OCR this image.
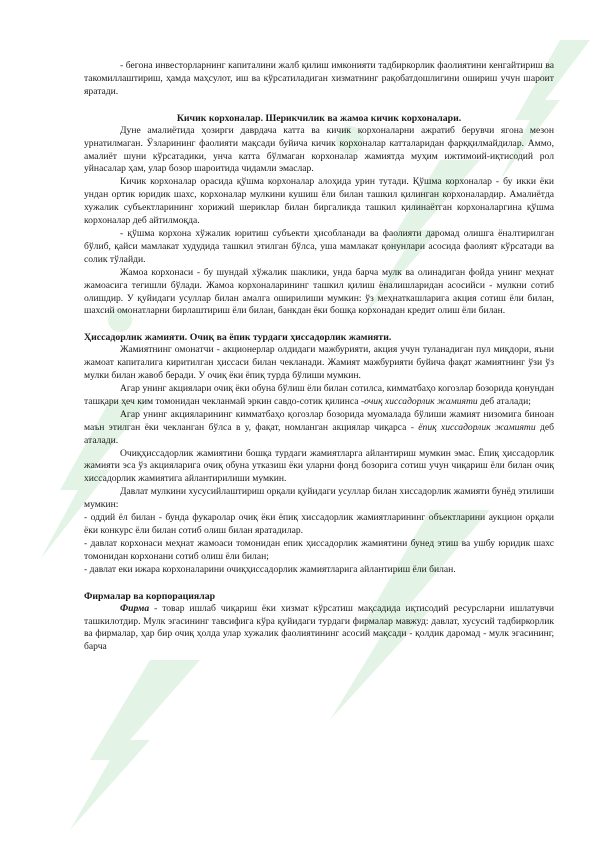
- бегона инвесторларнинг капиталини жалб қилиш имконияти тадбиркорлик фаолиятини кенгайтириш ва такомиллаштириш, ҳамда маҳсулот, иш ва кўрсатиладиган хизматнинг рақобатдошлигини ошириш учун шароит яратади.

Кичик корхоналар. Шерикчилик ва жамоа кичик корхоналари.

Дуне амалиётида ҳозирги даврдача катта ва кичик корхоналарни ажратиб берувчи ягона мезон урнатилмаган. Ўзларининг фаолияти мақсади буйича кичик корхоналар катталаридан фарққилмайдилар. Аммо, амалиёт шуни кўрсатадики, унча катта бўлмаган корхоналар жамиятда муҳим ижтимоий-иқтисодий рол уйнасалар ҳам, улар бозор шароитида чидамли эмаслар.

Кичик корхоналар орасида қўшма корхоналар алоҳида урин тутади. Қўшма корхоналар - бу икки ёки ундан ортик юридик шахс, корхоналар мулкини кушиш ёли билан ташкил қилинган корхоналардир. Амалиётда хужалик субъектларининг хорижий шериклар билан биргаликда ташкил қилинаётган корхоналаргина қўшма корхоналар деб айтилмоқда.

- қўшма корхона хўжалик юритиш субъекти ҳисобланади ва фаолияти даромад олишга ёналтирилган бўлиб, қайси мамлакат худудида ташкил этилган бўлса, уша мамлакат қонунлари асосида фаолият кўрсатади ва солик тўлайди.

Жамоа корхонаси - бу шундай хўжалик шаклики, унда барча мулк ва олинадиган фойда унинг меҳнат жамоасига тегишли бўлади. Жамоа корхоналарининг ташкил қилиш ёналишларидан асосийси - мулкни сотиб олишдир. У қуйидаги усуллар билан амалга оширилиши мумкин: ўз меҳнаткашларига акция сотиш ёли билан, шахсий омонатларни бирлаштириш ёли билан, банкдан ёки бошқа корхонадан кредит олиш ёли билан.

Ҳиссадорлик жамияти. Очиқ ва ёпик турдаги ҳиссадорлик жамияти.

Жамиятнинг омонатчи - акционерлар олдидаги мажбурияти, акция учун туланадиган пул миқдори, яъни жамоат капиталига киритилган ҳиссаси билан чекланади. Жамият мажбурияти буйича фақат жамиятнинг ўзи ўз мулки билан жавоб беради. У очиқ ёки ёпиқ турда бўлиши мумкин.

Агар унинг акциялари очиқ ёки обуна бўлиш ёли билан сотилса, кимматбаҳо когозлар бозорида қонундан ташқари ҳеч ким томонидан чекланмай эркин савдо-сотик қилинса -очиқ хиссадорлик жамияти деб аталади;

Агар унинг акцияларининг кимматбаҳо қогозлар бозорида муомалада бўлиши жамият низомига биноан маън этилган ёки чекланган бўлса в у, фақат, номланган акциялар чиқарса - ёпиқ хиссадорлик жамияти деб аталади.

Очиқҳиссадорлик жамиятини бошқа турдаги жамиятларга айлантириш мумкин эмас. Ёпиқ ҳиссадорлик жамияти эса ўз акцияларига очиқ обуна утказиш ёки уларни фонд бозорига сотиш учун чиқариш ёли билан очиқ хиссадорлик жамиятига айлантирилиши мумкин.

Давлат мулкини хусусийлаштириш орқали қуйидаги усуллар билан хиссадорлик жамияти бунёд этилиши мумкин:

- оддий ёл билан - бунда фукаролар очиқ ёки ёпиқ хиссадорлик жамиятларининг объектларини аукцион орқали ёки конкурс ёли билан сотиб олиш билан яратадилар.

- давлат корхонаси меҳнат жамоаси томонидан епик ҳиссадорлик жамиятини бунед этиш ва ушбу юридик шахс томонидан корхонани сотиб олиш ёли билан;

- давлат еки ижара корхоналарини очиқҳиссадорлик жамиятларига айлантириш ёли билан.

Фирмалар ва корпорациялар

Фирма - товар ишлаб чиқариш ёки хизмат кўрсатиш мақсадида иқтисодий ресурсларни ишлатувчи ташкилотдир. Мулк эгасининг тавсифига кўра қуйидаги турдаги фирмалар мавжуд: давлат, хусусий тадбиркорлик ва фирмалар, ҳар бир очиқ ҳолда улар хужалик фаолиятининг асосий мақсади - қолдик даромад - мулк эгасининг, барча
